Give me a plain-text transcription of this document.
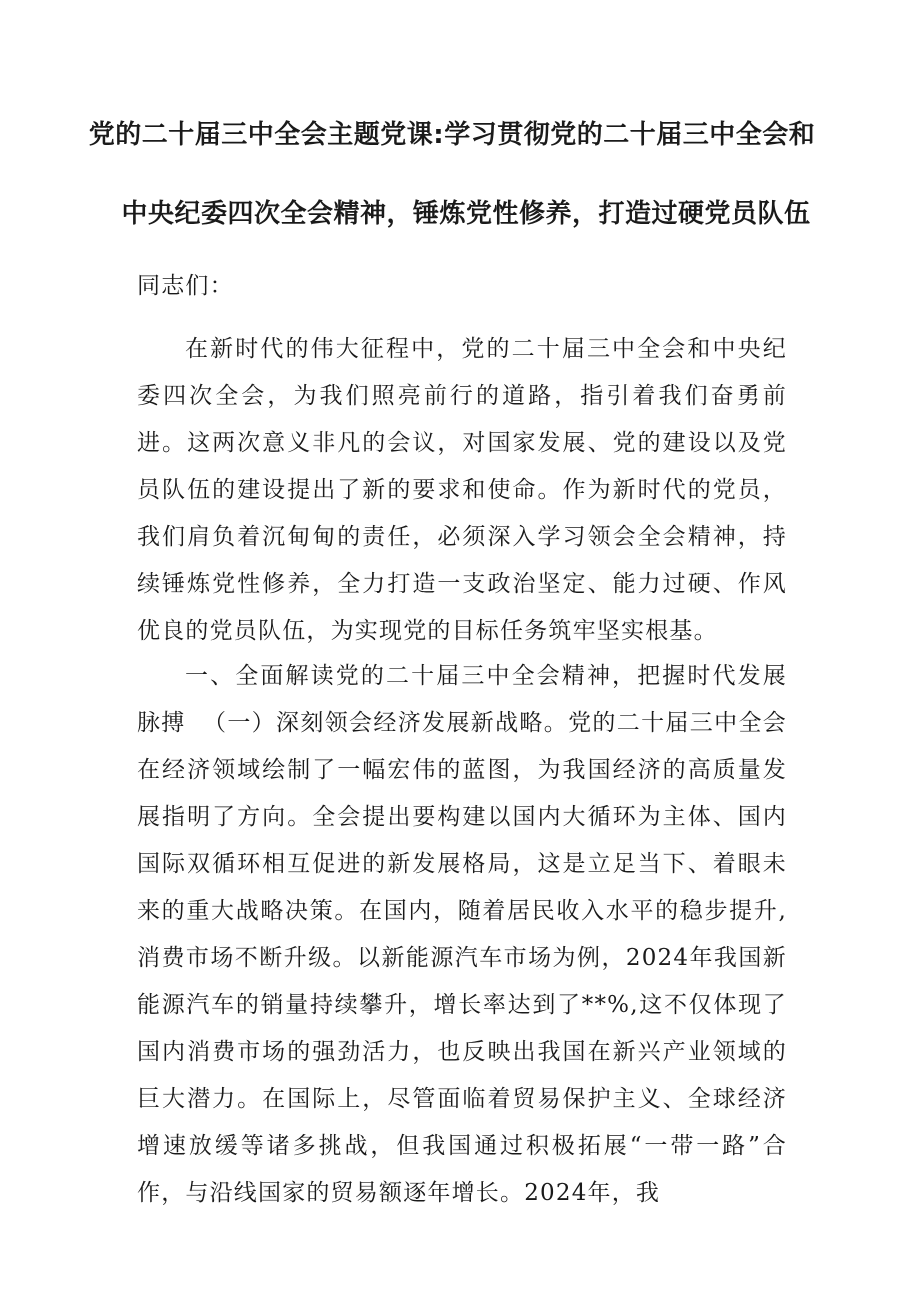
党的二十届三中全会主题党课:学习贯彻党的二十届三中全会和
中央纪委四次全会精神，锤炼党性修养，打造过硬党员队伍

同志们：

在新时代的伟大征程中，党的二十届三中全会和中央纪委四次全会，为我们照亮前行的道路，指引着我们奋勇前进。这两次意义非凡的会议，对国家发展、党的建设以及党员队伍的建设提出了新的要求和使命。作为新时代的党员，我们肩负着沉甸甸的责任，必须深入学习领会全会精神，持续锤炼党性修养，全力打造一支政治坚定、能力过硬、作风优良的党员队伍，为实现党的目标任务筑牢坚实根基。

一、全面解读党的二十届三中全会精神，把握时代发展脉搏 （一）深刻领会经济发展新战略。党的二十届三中全会在经济领域绘制了一幅宏伟的蓝图，为我国经济的高质量发展指明了方向。全会提出要构建以国内大循环为主体、国内国际双循环相互促进的新发展格局，这是立足当下、着眼未来的重大战略决策。在国内，随着居民收入水平的稳步提升,消费市场不断升级。以新能源汽车市场为例，2024年我国新能源汽车的销量持续攀升，增长率达到了**%,这不仅体现了国内消费市场的强劲活力，也反映出我国在新兴产业领域的巨大潜力。在国际上，尽管面临着贸易保护主义、全球经济增速放缓等诸多挑战，但我国通过积极拓展“一带一路”合作，与沿线国家的贸易额逐年增长。2024年，我
